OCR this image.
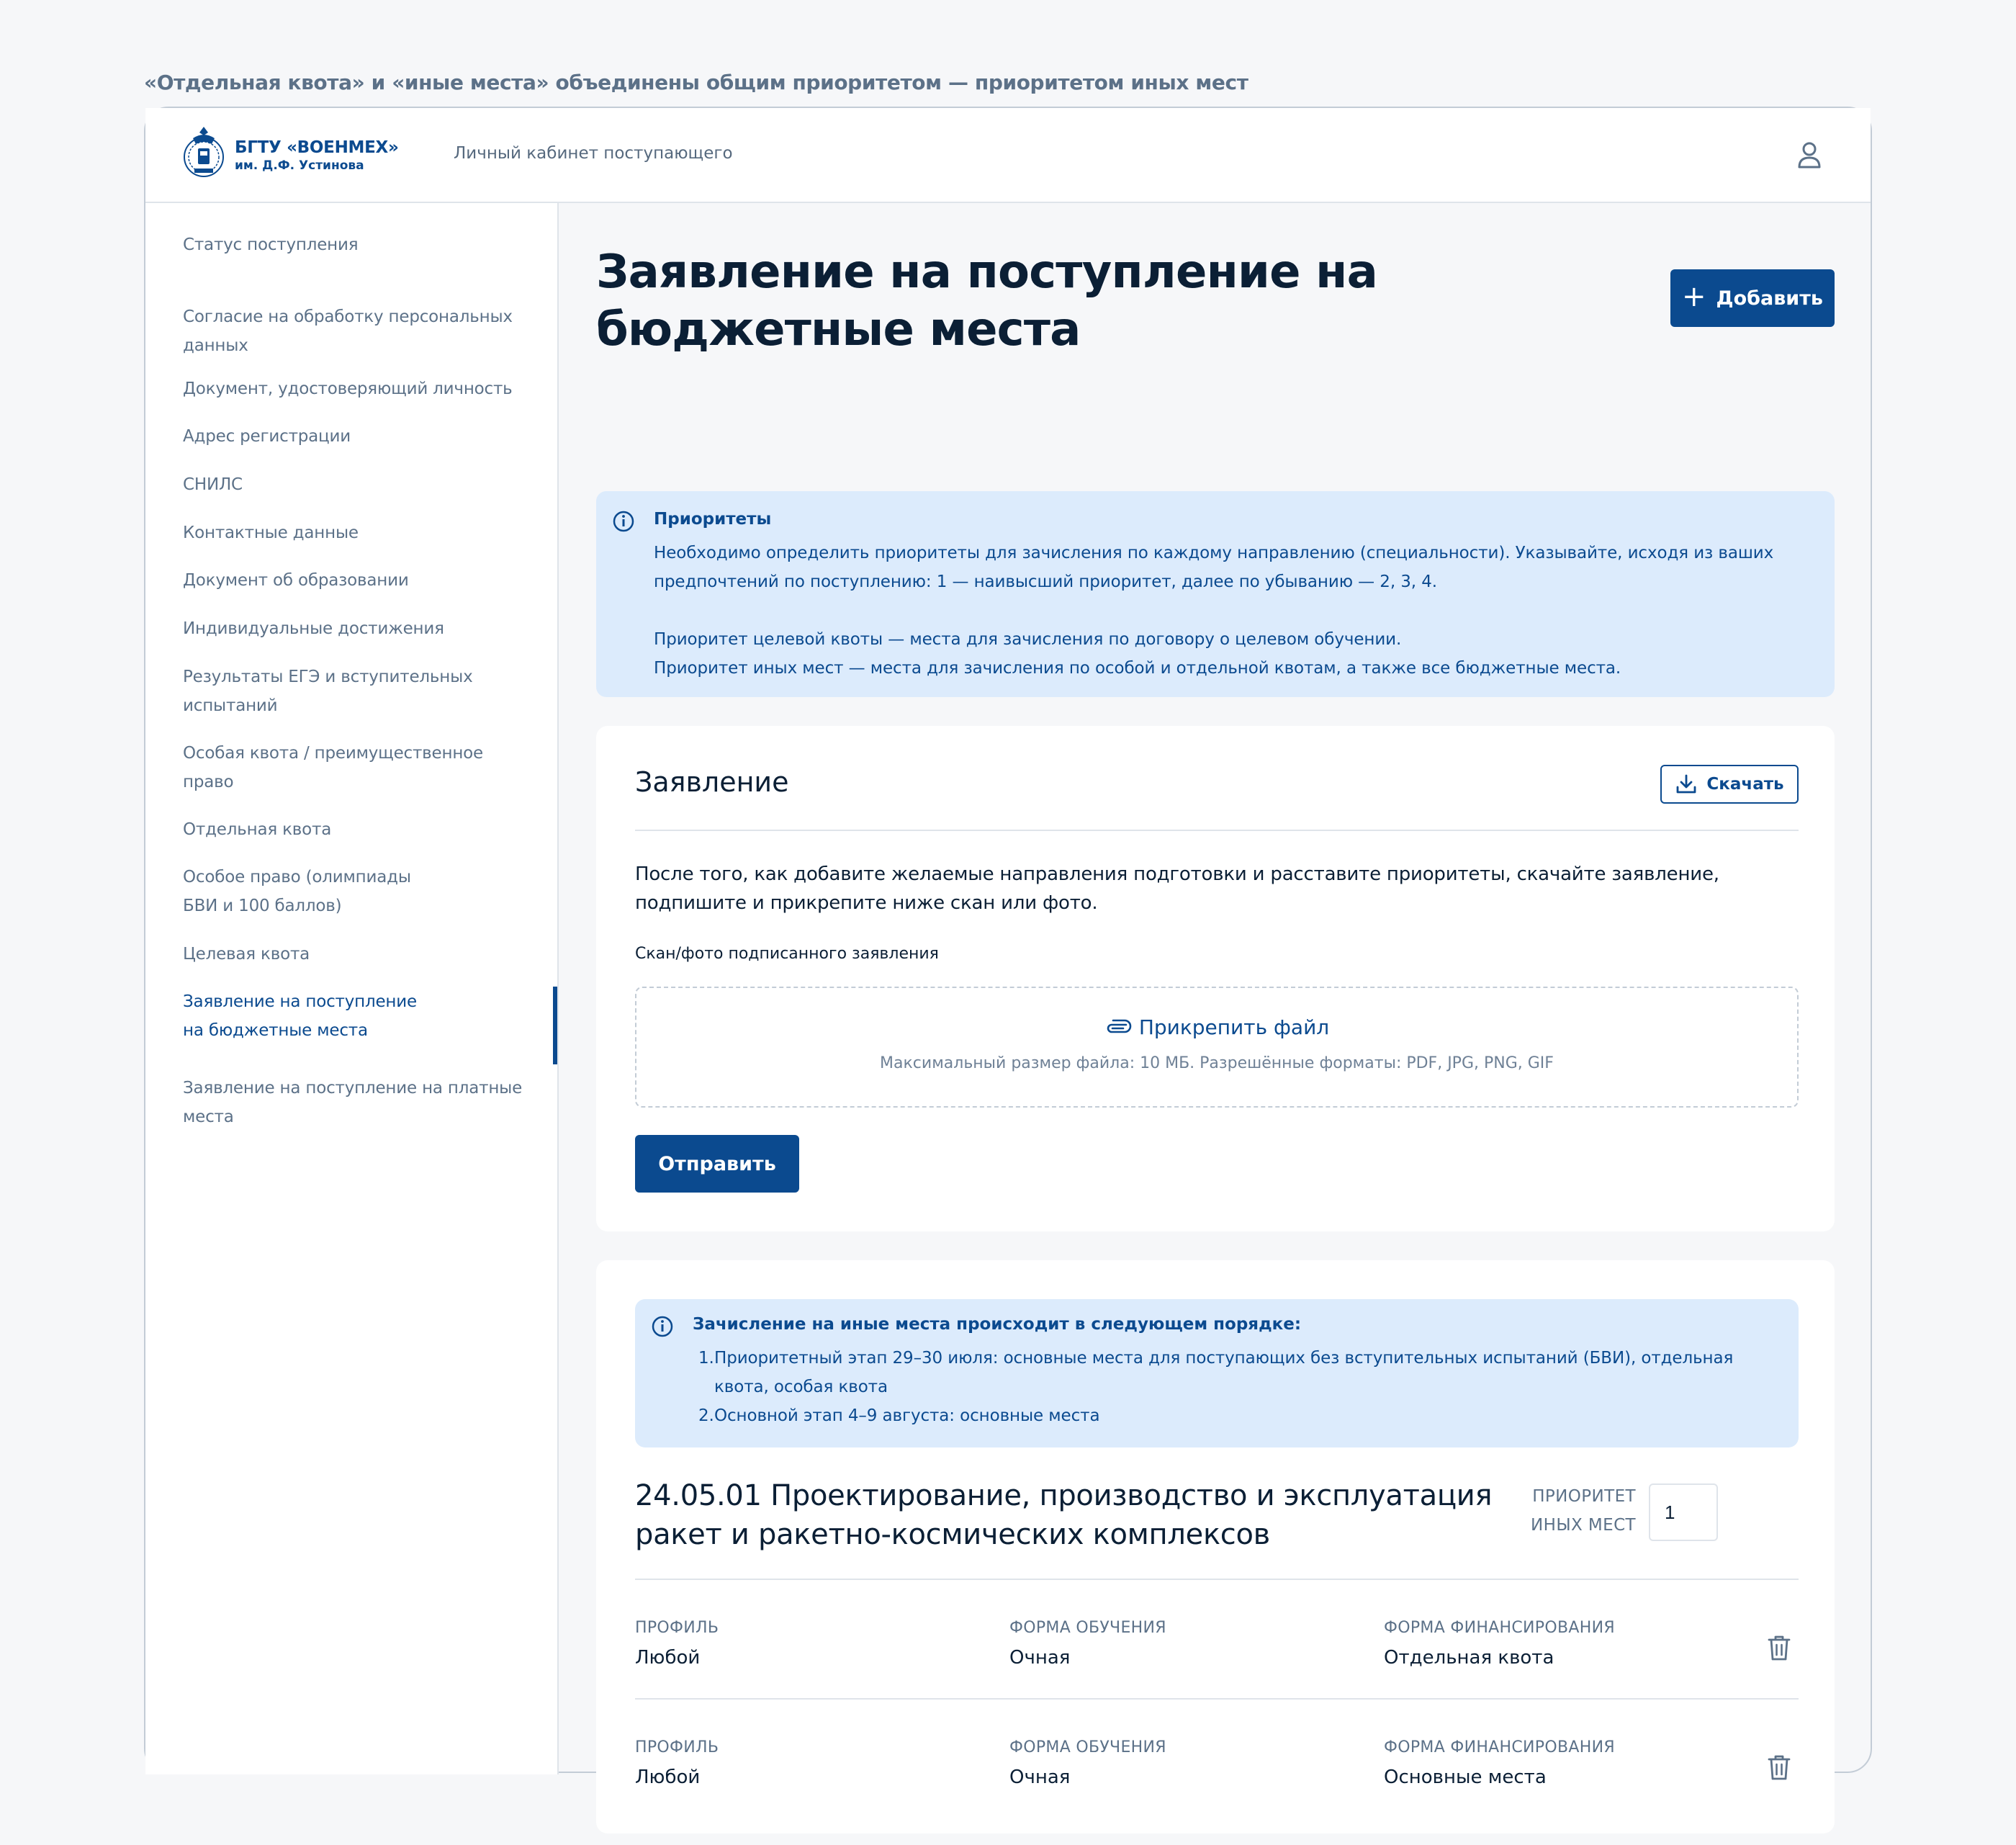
«Отдельная квота» и «иные места» объединены общим приоритетом — приоритетом иных мест
БГТУ «ВОЕНМЕХ»
им. Д.Ф. Устинова
Личный кабинет поступающего
Статус поступления
Согласие на обработку персональных данных
Документ, удостоверяющий личность
Адрес регистрации
СНИЛС
Контактные данные
Документ об образовании
Индивидуальные достижения
Результаты ЕГЭ и вступительных испытаний
Особая квота / преимущественное право
Отдельная квота
Особое право (олимпиады БВИ и 100 баллов)
Целевая квота
Заявление на поступление на бюджетные места
Заявление на поступление на платные места
Заявление на поступление на бюджетные места
+ Добавить
Приоритеты
Необходимо определить приоритеты для зачисления по каждому направлению (специальности). Указывайте, исходя из ваших предпочтений по поступлению: 1 — наивысший приоритет, далее по убыванию — 2, 3, 4.
Приоритет целевой квоты — места для зачисления по договору о целевом обучении.
Приоритет иных мест — места для зачисления по особой и отдельной квотам, а также все бюджетные места.
Заявление	Скачать
После того, как добавите желаемые направления подготовки и расставите приоритеты, скачайте заявление, подпишите и прикрепите ниже скан или фото.
Скан/фото подписанного заявления
Прикрепить файл
Максимальный размер файла: 10 МБ. Разрешённые форматы: PDF, JPG, PNG, GIF
Отправить
Зачисление на иные места происходит в следующем порядке:
1. Приоритетный этап 29–30 июля: основные места для поступающих без вступительных испытаний (БВИ), отдельная квота, особая квота
2. Основной этап 4–9 августа: основные места
24.05.01 Проектирование, производство и эксплуатация ракет и ракетно-космических комплексов
ПРИОРИТЕТ ИНЫХ МЕСТ
1
ПРОФИЛЬ
Любой
ФОРМА ОБУЧЕНИЯ
Очная
ФОРМА ФИНАНСИРОВАНИЯ
Отдельная квота
ПРОФИЛЬ
Любой
ФОРМА ОБУЧЕНИЯ
Очная
ФОРМА ФИНАНСИРОВАНИЯ
Основные места
